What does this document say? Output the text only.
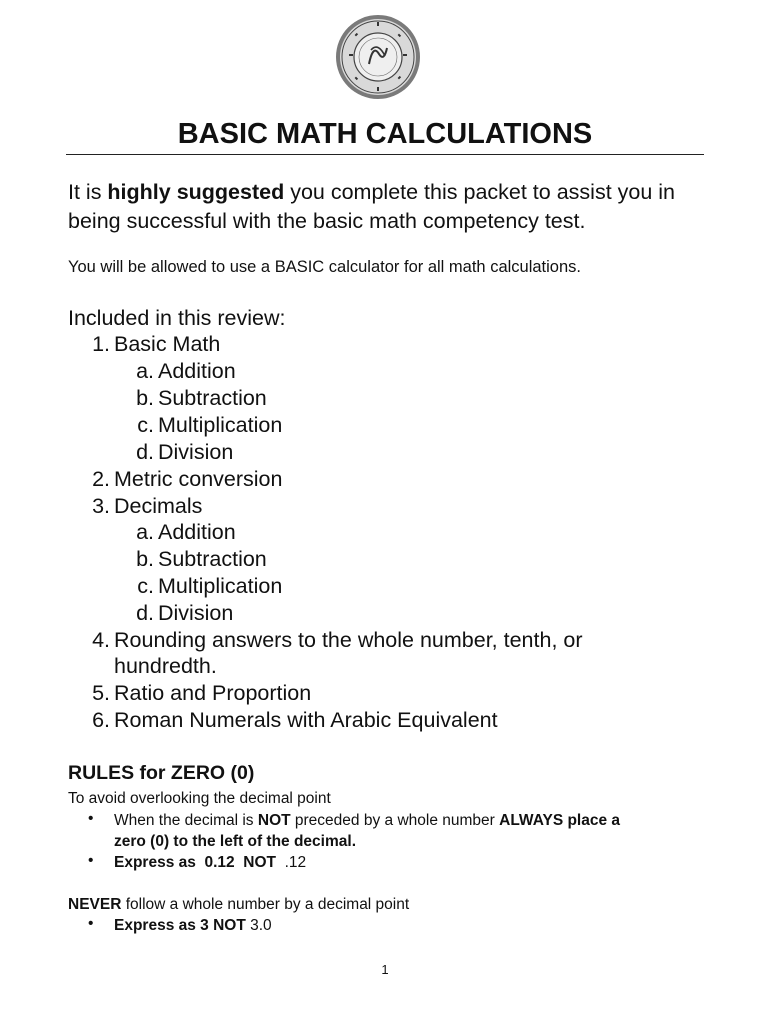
BASIC MATH CALCULATIONS
It is highly suggested you complete this packet to assist you in being successful with the basic math competency test.
You will be allowed to use a BASIC calculator for all math calculations.
Included in this review:
1. Basic Math
a. Addition
b. Subtraction
c. Multiplication
d. Division
2. Metric conversion
3. Decimals
a. Addition
b. Subtraction
c. Multiplication
d. Division
4. Rounding answers to the whole number, tenth, or
hundredth.
5. Ratio and Proportion
6. Roman Numerals with Arabic Equivalent
RULES for ZERO (0)
To avoid overlooking the decimal point
• When the decimal is NOT preceded by a whole number ALWAYS place a
zero (0) to the left of the decimal.
• Express as  0.12  NOT  .12
NEVER follow a whole number by a decimal point
• Express as 3 NOT 3.0
1
